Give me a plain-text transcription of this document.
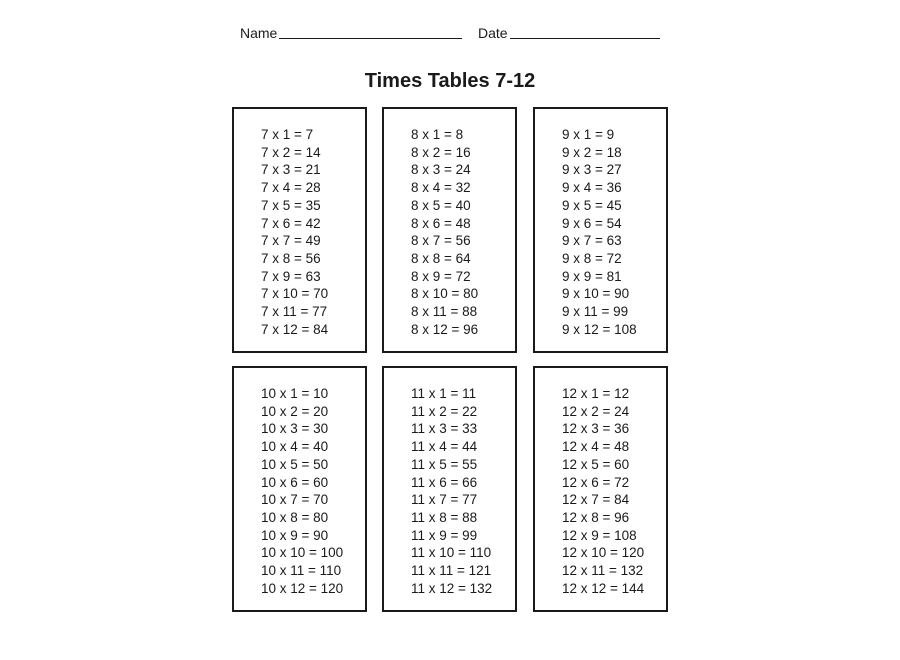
Name	Date
Times Tables 7-12
7 x 1 = 7
7 x 2 = 14
7 x 3 = 21
7 x 4 = 28
7 x 5 = 35
7 x 6 = 42
7 x 7 = 49
7 x 8 = 56
7 x 9 = 63
7 x 10 = 70
7 x 11 = 77
7 x 12 = 84
8 x 1 = 8
8 x 2 = 16
8 x 3 = 24
8 x 4 = 32
8 x 5 = 40
8 x 6 = 48
8 x 7 = 56
8 x 8 = 64
8 x 9 = 72
8 x 10 = 80
8 x 11 = 88
8 x 12 = 96
9 x 1 = 9
9 x 2 = 18
9 x 3 = 27
9 x 4 = 36
9 x 5 = 45
9 x 6 = 54
9 x 7 = 63
9 x 8 = 72
9 x 9 = 81
9 x 10 = 90
9 x 11 = 99
9 x 12 = 108
10 x 1 = 10
10 x 2 = 20
10 x 3 = 30
10 x 4 = 40
10 x 5 = 50
10 x 6 = 60
10 x 7 = 70
10 x 8 = 80
10 x 9 = 90
10 x 10 = 100
10 x 11 = 110
10 x 12 = 120
11 x 1 = 11
11 x 2 = 22
11 x 3 = 33
11 x 4 = 44
11 x 5 = 55
11 x 6 = 66
11 x 7 = 77
11 x 8 = 88
11 x 9 = 99
11 x 10 = 110
11 x 11 = 121
11 x 12 = 132
12 x 1 = 12
12 x 2 = 24
12 x 3 = 36
12 x 4 = 48
12 x 5 = 60
12 x 6 = 72
12 x 7 = 84
12 x 8 = 96
12 x 9 = 108
12 x 10 = 120
12 x 11 = 132
12 x 12 = 144
